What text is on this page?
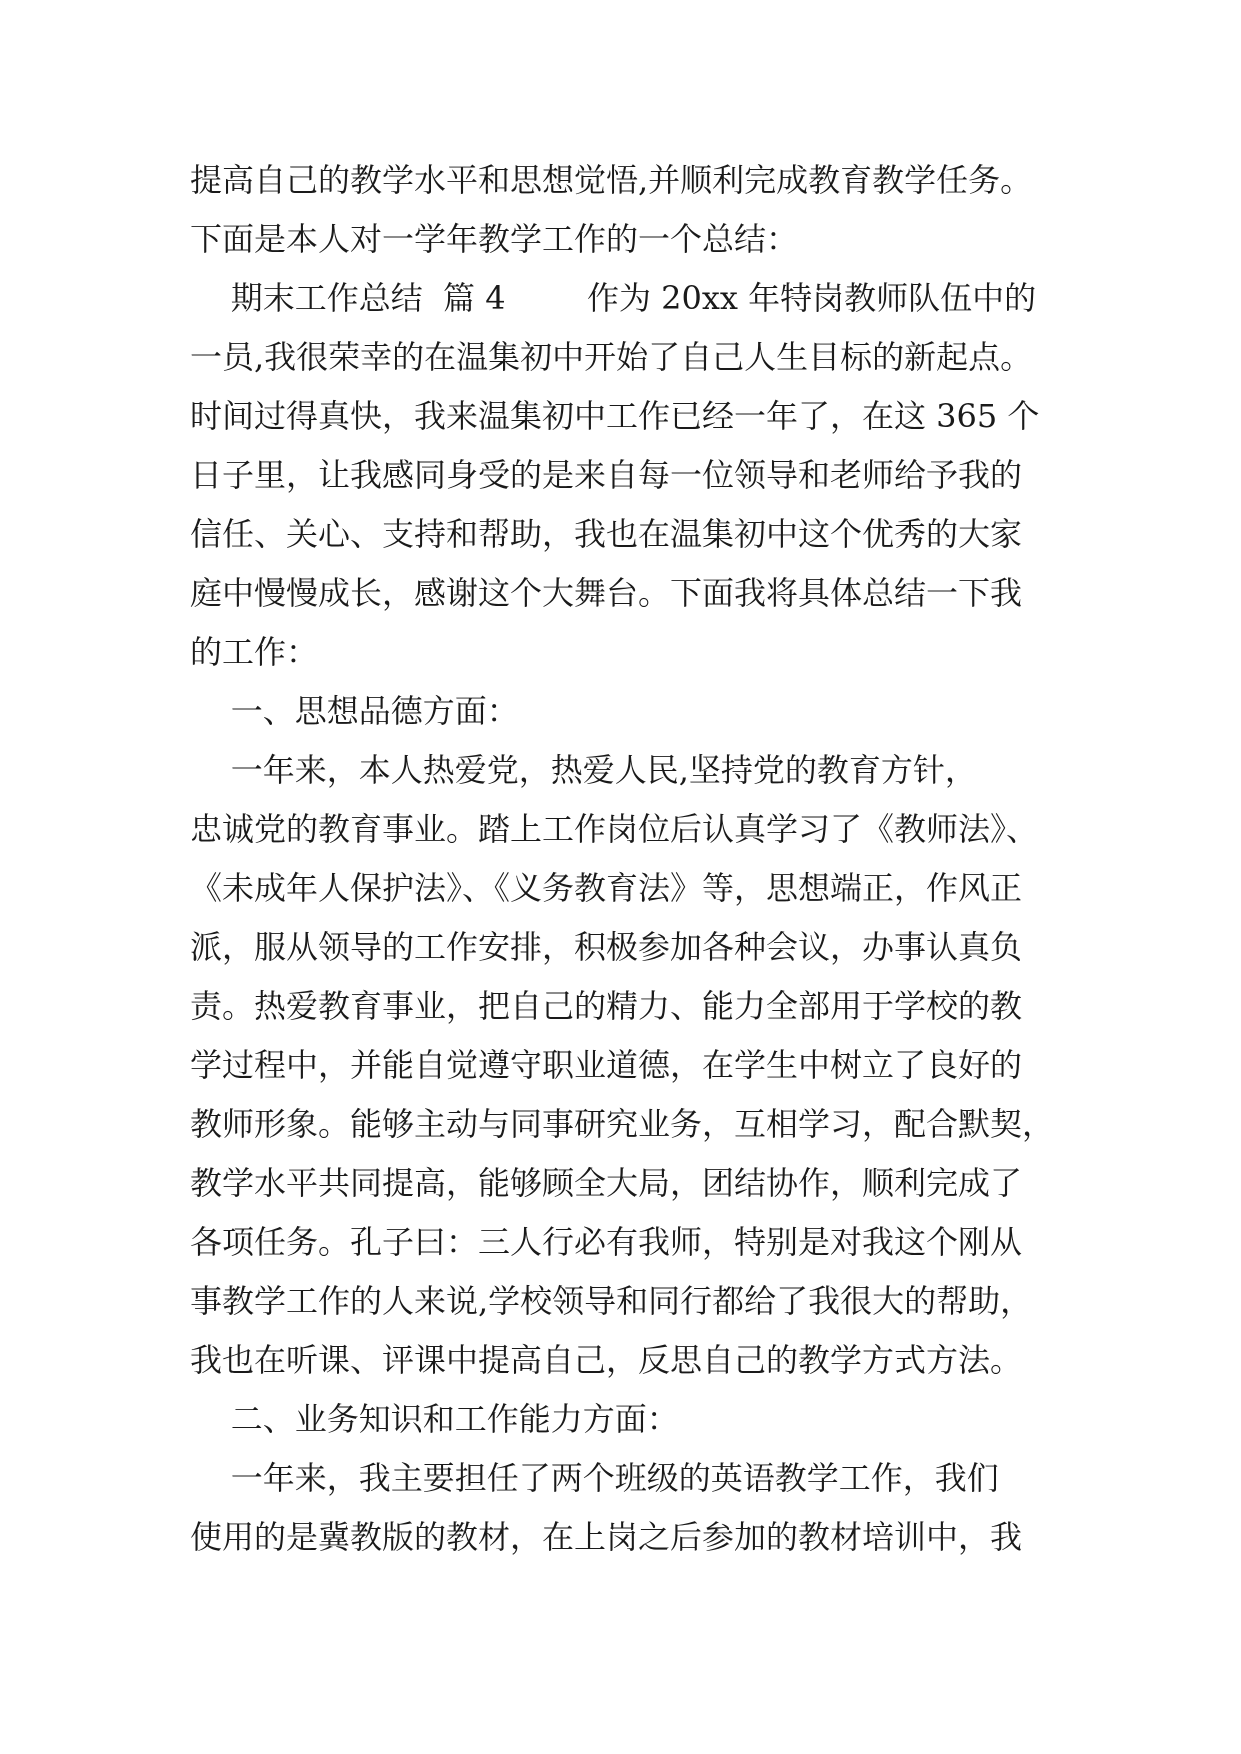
提高自己的教学水平和思想觉悟,并顺利完成教育教学任务。

下面是本人对一学年教学工作的一个总结：

期末工作总结  篇 4        作为 20xx 年特岗教师队伍中的

一员,我很荣幸的在温集初中开始了自己人生目标的新起点。

时间过得真快，我来温集初中工作已经一年了，在这 365 个

日子里，让我感同身受的是来自每一位领导和老师给予我的

信任、关心、支持和帮助，我也在温集初中这个优秀的大家

庭中慢慢成长，感谢这个大舞台。下面我将具体总结一下我

的工作：

一、思想品德方面：

一年来，本人热爱党，热爱人民,坚持党的教育方针，

忠诚党的教育事业。踏上工作岗位后认真学习了《教师法》、

《未成年人保护法》、《义务教育法》等，思想端正，作风正

派，服从领导的工作安排，积极参加各种会议，办事认真负

责。热爱教育事业，把自己的精力、能力全部用于学校的教

学过程中，并能自觉遵守职业道德，在学生中树立了良好的

教师形象。能够主动与同事研究业务，互相学习，配合默契，

教学水平共同提高，能够顾全大局，团结协作，顺利完成了

各项任务。孔子曰：三人行必有我师，特别是对我这个刚从

事教学工作的人来说,学校领导和同行都给了我很大的帮助，

我也在听课、评课中提高自己，反思自己的教学方式方法。

二、业务知识和工作能力方面：

一年来，我主要担任了两个班级的英语教学工作，我们

使用的是冀教版的教材，在上岗之后参加的教材培训中，我
